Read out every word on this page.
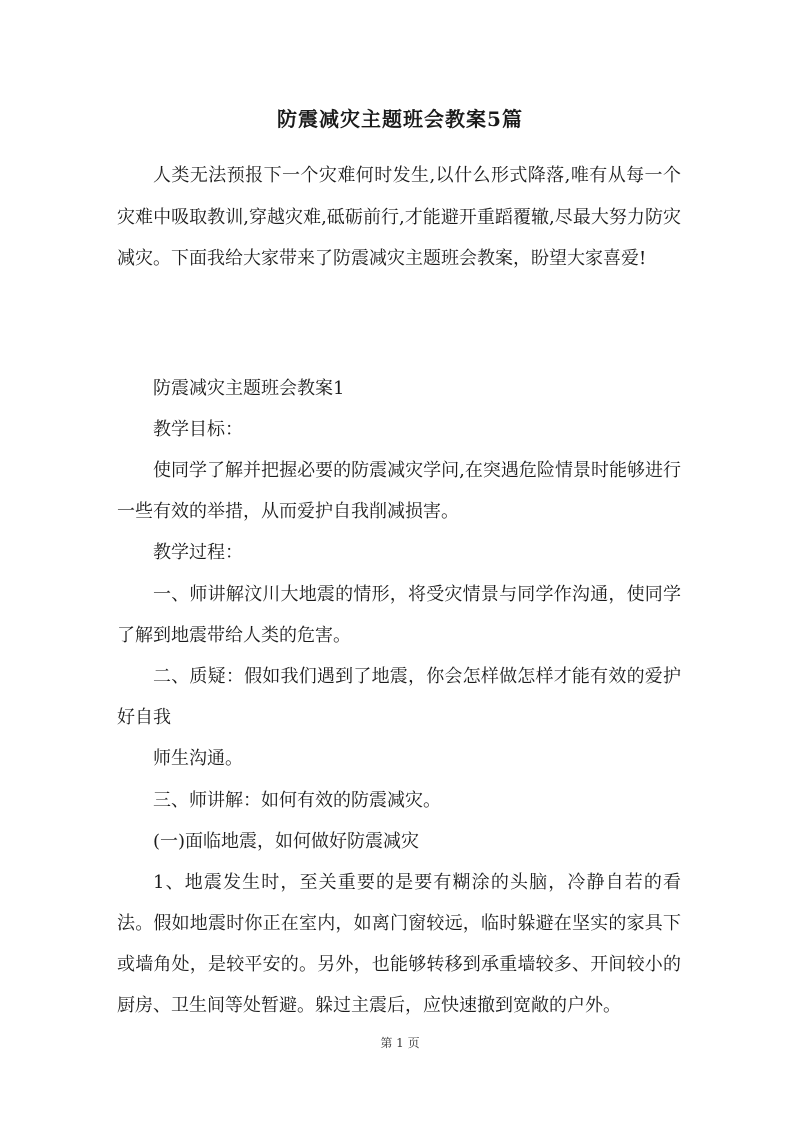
防震减灾主题班会教案5篇

人类无法预报下一个灾难何时发生,以什么形式降落,唯有从每一个灾难中吸取教训,穿越灾难,砥砺前行,才能避开重蹈覆辙,尽最大努力防灾减灾。下面我给大家带来了防震减灾主题班会教案，盼望大家喜爱!

防震减灾主题班会教案1

教学目标：

使同学了解并把握必要的防震减灾学问,在突遇危险情景时能够进行一些有效的举措，从而爱护自我削减损害。

教学过程：

一、师讲解汶川大地震的情形，将受灾情景与同学作沟通，使同学了解到地震带给人类的危害。

二、质疑：假如我们遇到了地震，你会怎样做怎样才能有效的爱护好自我

师生沟通。

三、师讲解：如何有效的防震减灾。

(一)面临地震，如何做好防震减灾

1、地震发生时，至关重要的是要有糊涂的头脑，冷静自若的看法。假如地震时你正在室内，如离门窗较远，临时躲避在坚实的家具下或墙角处，是较平安的。另外，也能够转移到承重墙较多、开间较小的厨房、卫生间等处暂避。躲过主震后，应快速撤到宽敞的户外。

第 1 页
